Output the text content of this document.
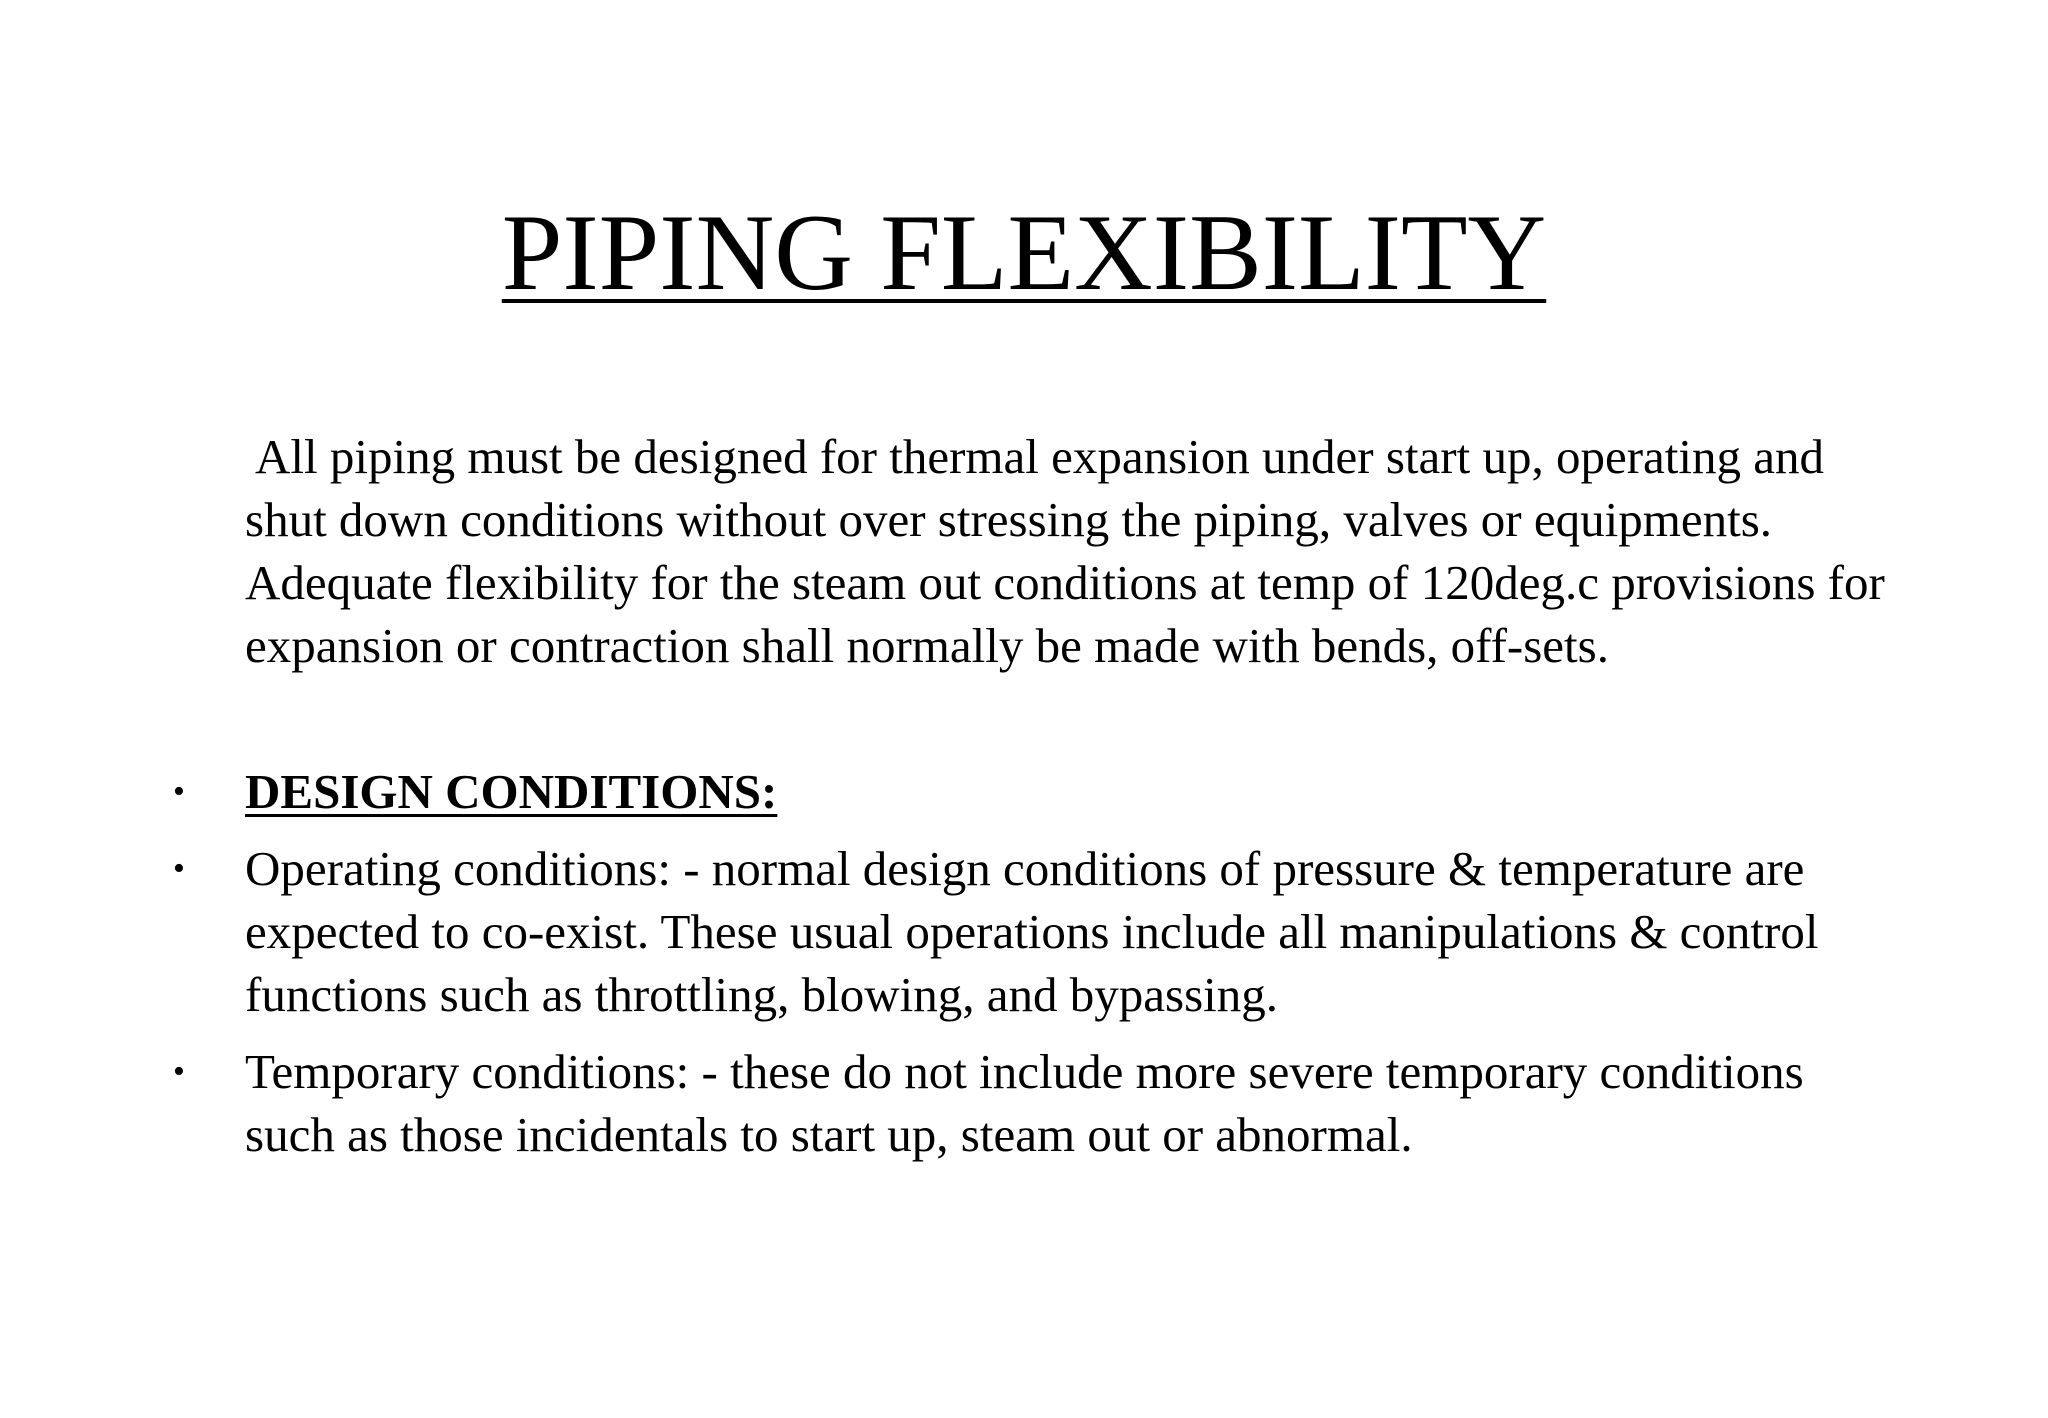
PIPING FLEXIBILITY

All piping must be designed for thermal expansion under start up, operating and shut down conditions without over stressing the piping, valves or equipments. Adequate flexibility for the steam out conditions at temp of 120deg.c provisions for expansion or contraction shall normally be made with bends, off-sets.

• DESIGN CONDITIONS:
• Operating conditions: - normal design conditions of pressure & temperature are expected to co-exist. These usual operations include all manipulations & control functions such as throttling, blowing, and bypassing.
• Temporary conditions: - these do not include more severe temporary conditions such as those incidentals to start up, steam out or abnormal.
